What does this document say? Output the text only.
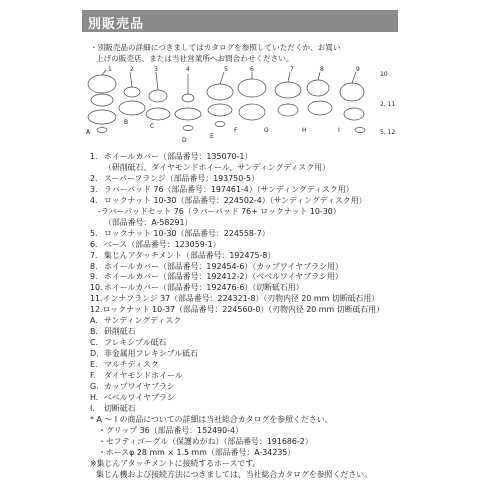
別販売品
・別販売品の詳細につきましてはカタログを参照していただくか、お買い
上げの販売店、または当社営業所へお問合わせください。
1	2	3	4	5	6	7	8	9
10
2, 11
5, 12
A
B
C
D
E
F	G	H	I
1. ホイールカバー（部品番号：135070-1）
（研削砥石、ダイヤモンドホイール、サンディングディスク用）
2. スーパーフランジ（部品番号：193750-5）
3. ラバーパッド 76（部品番号：197461-4）（サンディングディスク用）
4. ロックナット 10-30（部品番号：224502-4）（サンディングディスク用）
-ラバーパッドセット 76（ラバーパッド 76+ ロックナット 10-30）
（部品番号：A-58291）
5. ロックナット 10-30（部品番号：224558-7）
6. ベース（部品番号：123059-1）
7. 集じんアタッチメント（部品番号：192475-8）
8. ホイールカバー（部品番号：192454-6）（カップワイヤブラシ用）
9. ホイールカバー（部品番号：192412-2）（ベベルワイヤブラシ用）
10.ホイールカバー（部品番号：192476-6）（切断砥石用）
11.インナフランジ 37（部品番号：224321-8）（刃物内径 20 mm 切断砥石用）
12.ロックナット 10-37（部品番号：224560-0）（刃物内径 20 mm 切断砥石用）
A. サンディングディスク
B. 研削砥石
C. フレキシブル砥石
D. 非金属用フレキシブル砥石
E. マルチディスク
F. ダイヤモンドホイール
G. カップワイヤブラシ
H. ベベルワイヤブラシ
I. 切断砥石
* A ～ I の商品についての詳細は当社総合カタログを参照ください。
・グリップ 36（部品番号：152490-4）
・セフティゴーグル（保護めがね）（部品番号：191686-2）
・ホースφ 28 mm × 1.5 mm（部品番号：A-34235）
※集じんアタッチメントに接続するホースです。
集じん機および接続方法につきましては、当社総合カタログを参照ください。
